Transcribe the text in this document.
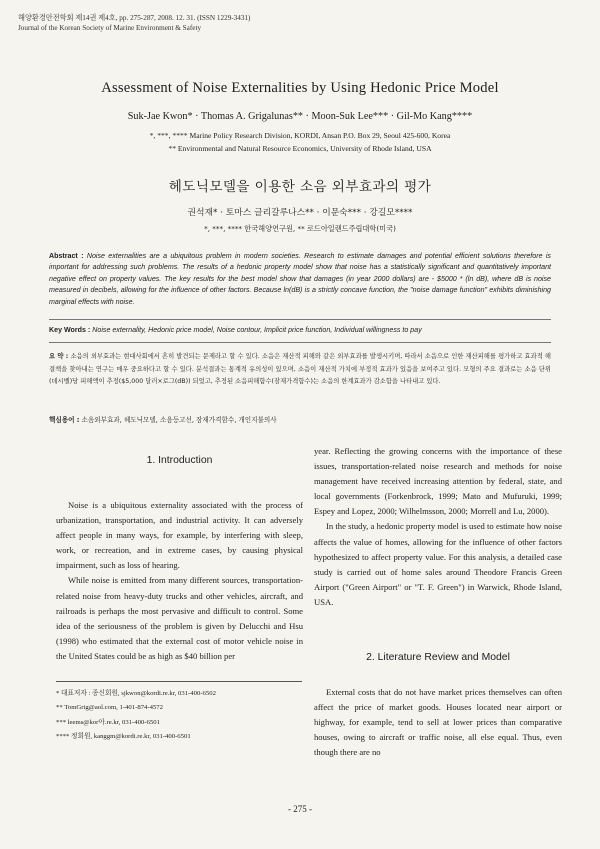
해양환경안전학회 제14권 제4호, pp. 275-287, 2008. 12. 31. (ISSN 1229-3431)
Journal of the Korean Society of Marine Environment & Safety
Assessment of Noise Externalities by Using Hedonic Price Model
Suk-Jae Kwon* · Thomas A. Grigalunas** · Moon-Suk Lee*** · Gil-Mo Kang****
*, ***, **** Marine Policy Research Division, KORDI, Ansan P.O. Box 29, Seoul 425-600, Korea
** Environmental and Natural Resource Economics, University of Rhode Island, USA
헤도닉모델을 이용한 소음 외부효과의 평가
권석재* · 토마스 글리갈루나스** · 이문숙*** · 강길모****
*, ***, **** 한국해양연구원, ** 로드아일랜드주립대학(미국)
Abstract : Noise externalities are a ubiquitous problem in modern societies. Research to estimate damages and potential efficient solutions therefore is important for addressing such problems. The results of a hedonic property model show that noise has a statistically significant and quantitatively important negative effect on property values. The key results for the best model show that damages (in year 2000 dollars) are - $5000 * (ln dB), where dB is noise measured in decibels, allowing for the influence of other factors. Because ln(dB) is a strictly concave function, the "noise damage function" exhibits diminishing marginal effects with noise.
Key Words : Noise externality, Hedonic price model, Noise contour, Implicit price function, Individual willingness to pay
요 약 : 소음의 외부효과는 현대사회에서 흔히 발견되는 문제라고 할 수 있다. 소음은 재산적 피해와 같은 외부효과를 발생시키며, 따라서 소음으로 인한 재산피해를 평가하고 효과적 해결책을 찾아내는 연구는 매우 중요하다고 할 수 있다. 분석결과는 통계적 유의성이 있으며, 소음이 재산적 가치에 부정적 효과가 있음을 보여주고 있다. 모형의 주요 결과로는 소음 단위(데시벨)당 피해액이 추정($5,000 달러×로그(dB)) 되었고, 추정된 소음피해함수(잠재가격함수)는 소음의 한계효과가 감소함을 나타내고 있다.
핵심용어 : 소음외부효과, 헤도닉모델, 소음등고선, 잠재가격함수, 개인지불의사
1. Introduction

Noise is a ubiquitous externality associated with the process of urbanization, transportation, and industrial activity. It can adversely affect people in many ways, for example, by interfering with sleep, work, or recreation, and in extreme cases, by causing physical impairment, such as loss of hearing.

While noise is emitted from many different sources, transportation-related noise from heavy-duty trucks and other vehicles, aircraft, and railroads is perhaps the most pervasive and difficult to control. Some idea of the seriousness of the problem is given by Delucchi and Hsu (1998) who estimated that the external cost of motor vehicle noise in the United States could be as high as $40 billion per

* 대표저자 : 종신회원, sjkwon@kordi.re.kr, 031-400-6502
** TomGrig@aol.com, 1-401-874-4572
*** leems@kor아.re.kr, 031-400-6501
**** 정회원, kanggm@kordi.re.kr, 031-400-6501

year. Reflecting the growing concerns with the importance of these issues, transportation-related noise research and methods for noise management have received increasing attention by federal, state, and local governments (Forkenbrock, 1999; Mato and Mufuruki, 1999; Espey and Lopez, 2000; Wilhelmsson, 2000; Morrell and Lu, 2000).

In the study, a hedonic property model is used to estimate how noise affects the value of homes, allowing for the influence of other factors hypothesized to affect property value. For this analysis, a detailed case study is carried out of home sales around Theodore Francis Green Airport ("Green Airport" or "T. F. Green") in Warwick, Rhode Island, USA.

2. Literature Review and Model

External costs that do not have market prices themselves can often affect the price of market goods. Houses located near airport or highway, for example, tend to sell at lower prices than comparative houses, owing to aircraft or traffic noise, all else equal. Thus, even though there are no

- 275 -
